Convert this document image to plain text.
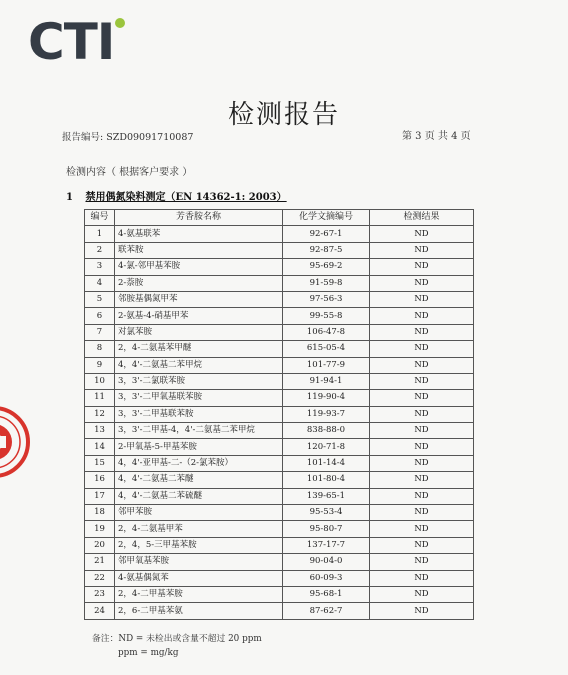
CTI
检测报告
报告编号: SZD09091710087	第 3 页 共 4 页
检测内容（ 根据客户要求 ）
1 禁用偶氮染料测定（EN 14362-1: 2003）
编号	芳香胺名称	化学文摘编号	检测结果
1	4-氨基联苯	92-67-1	ND
2	联苯胺	92-87-5	ND
3	4-氯-邻甲基苯胺	95-69-2	ND
4	2-萘胺	91-59-8	ND
5	邻胺基偶氮甲苯	97-56-3	ND
6	2-氨基-4-硝基甲苯	99-55-8	ND
7	对氯苯胺	106-47-8	ND
8	2，4-二氨基苯甲醚	615-05-4	ND
9	4，4'-二氨基二苯甲烷	101-77-9	ND
10	3，3'-二氯联苯胺	91-94-1	ND
11	3，3'-二甲氧基联苯胺	119-90-4	ND
12	3，3'-二甲基联苯胺	119-93-7	ND
13	3，3'-二甲基-4，4'-二氨基二苯甲烷	838-88-0	ND
14	2-甲氧基-5-甲基苯胺	120-71-8	ND
15	4，4'-亚甲基-二-（2-氯苯胺）	101-14-4	ND
16	4，4'-二氨基二苯醚	101-80-4	ND
17	4，4'-二氨基二苯硫醚	139-65-1	ND
18	邻甲苯胺	95-53-4	ND
19	2，4-二氨基甲苯	95-80-7	ND
20	2，4，5-三甲基苯胺	137-17-7	ND
21	邻甲氧基苯胺	90-04-0	ND
22	4-氨基偶氮苯	60-09-3	ND
23	2，4-二甲基苯胺	95-68-1	ND
24	2，6-二甲基苯氨	87-62-7	ND
备注：ND = 未检出或含量不超过 20 ppm
ppm = mg/kg
